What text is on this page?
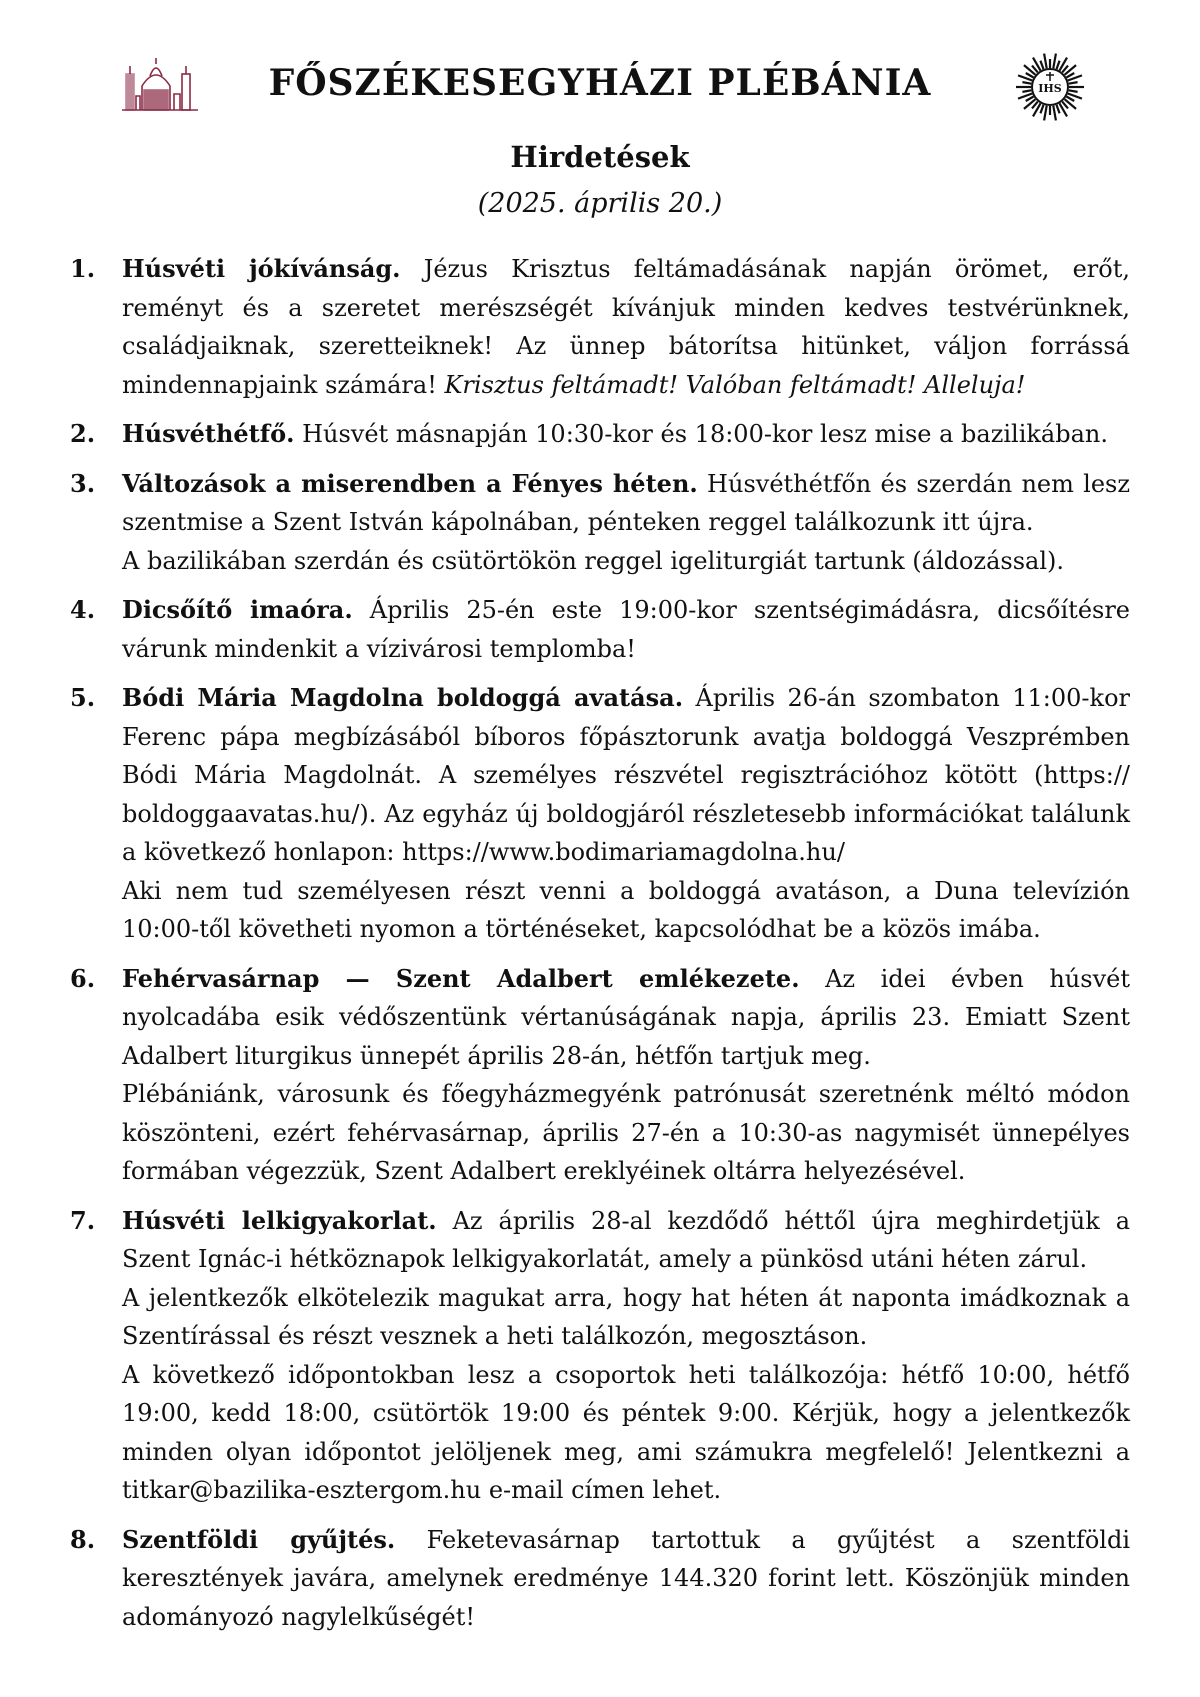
FŐSZÉKESEGYHÁZI PLÉBÁNIA	IHS
Hirdetések
(2025. április 20.)
1. Húsvéti jókívánság. Jézus Krisztus feltámadásának napján örömet, erőt, reményt és a szeretet merészségét kívánjuk minden kedves testvérünknek, családjaiknak, szeretteiknek! Az ünnep bátorítsa hitünket, váljon forrássá mindennapjaink számára! Krisztus feltámadt! Valóban feltámadt! Alleluja!

2. Húsvéthétfő. Húsvét másnapján 10:30-kor és 18:00-kor lesz mise a bazilikában.

3. Változások a miserendben a Fényes héten. Húsvéthétfőn és szerdán nem lesz szentmise a Szent István kápolnában, pénteken reggel találkozunk itt újra.

A bazilikában szerdán és csütörtökön reggel igeliturgiát tartunk (áldozással).

4. Dicsőítő imaóra. Április 25-én este 19:00-kor szentségimádásra, dicsőítésre várunk mindenkit a vízivárosi templomba!

5. Bódi Mária Magdolna boldoggá avatása. Április 26-án szombaton 11:00-kor Ferenc pápa megbízásából bíboros főpásztorunk avatja boldoggá Veszprémben Bódi Mária Magdolnát. A személyes részvétel regisztrációhoz kötött (https:// boldoggaavatas.hu/). Az egyház új boldogjáról részletesebb információkat találunk a következő honlapon: https://www.bodimariamagdolna.hu/

Aki nem tud személyesen részt venni a boldoggá avatáson, a Duna televízión 10:00-től követheti nyomon a történéseket, kapcsolódhat be a közös imába.

6. Fehérvasárnap — Szent Adalbert emlékezete. Az idei évben húsvét nyolcadába esik védőszentünk vértanúságának napja, április 23. Emiatt Szent Adalbert liturgikus ünnepét április 28-án, hétfőn tartjuk meg.

Plébániánk, városunk és főegyházmegyénk patrónusát szeretnénk méltó módon köszönteni, ezért fehérvasárnap, április 27-én a 10:30-as nagymisét ünnepélyes formában végezzük, Szent Adalbert ereklyéinek oltárra helyezésével.

7. Húsvéti lelkigyakorlat. Az április 28-al kezdődő héttől újra meghirdetjük a Szent Ignác-i hétköznapok lelkigyakorlatát, amely a pünkösd utáni héten zárul.

A jelentkezők elkötelezik magukat arra, hogy hat héten át naponta imádkoznak a Szentírással és részt vesznek a heti találkozón, megosztáson.

A következő időpontokban lesz a csoportok heti találkozója: hétfő 10:00, hétfő 19:00, kedd 18:00, csütörtök 19:00 és péntek 9:00. Kérjük, hogy a jelentkezők minden olyan időpontot jelöljenek meg, ami számukra megfelelő! Jelentkezni a titkar@bazilika-esztergom.hu e-mail címen lehet.

8. Szentföldi gyűjtés. Feketevasárnap tartottuk a gyűjtést a szentföldi keresztények javára, amelynek eredménye 144.320 forint lett. Köszönjük minden adományozó nagylelkűségét!
